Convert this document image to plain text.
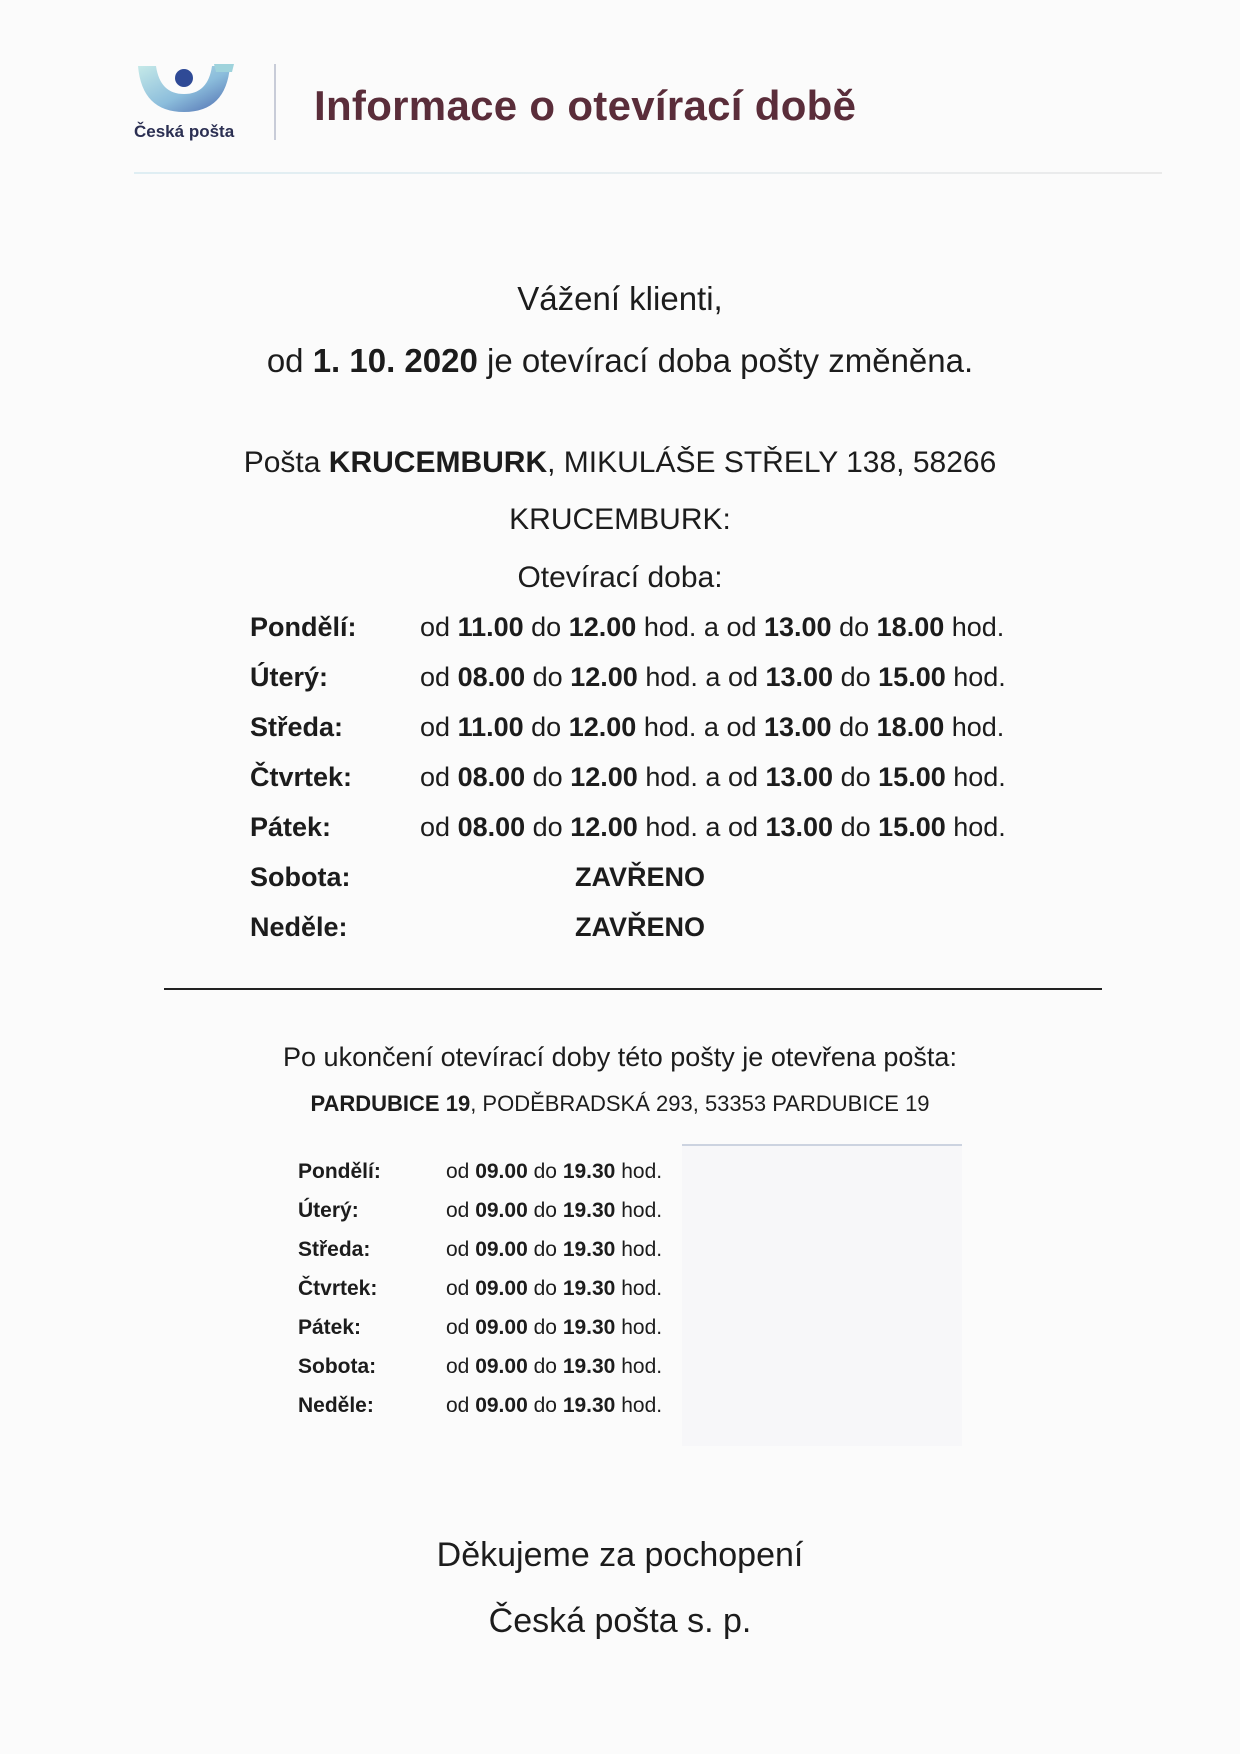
Česká pošta
Informace o otevírací době
Vážení klienti,
od 1. 10. 2020 je otevírací doba pošty změněna.
Pošta KRUCEMBURK, MIKULÁŠE STŘELY 138, 58266
KRUCEMBURK:
Otevírací doba:
Pondělí: od 11.00 do 12.00 hod. a od 13.00 do 18.00 hod.
Úterý:	od 08.00 do 12.00 hod. a od 13.00 do 15.00 hod.
Středa:	od 11.00 do 12.00 hod. a od 13.00 do 18.00 hod.
Čtvrtek:	od 08.00 do 12.00 hod. a od 13.00 do 15.00 hod.
Pátek:	od 08.00 do 12.00 hod. a od 13.00 do 15.00 hod.
Sobota:	ZAVŘENO
Neděle:	ZAVŘENO
Po ukončení otevírací doby této pošty je otevřena pošta:
PARDUBICE 19, PODĚBRADSKÁ 293, 53353 PARDUBICE 19
Pondělí:	od 09.00 do 19.30 hod.
Úterý:	od 09.00 do 19.30 hod.
Středa:	od 09.00 do 19.30 hod.
Čtvrtek:	od 09.00 do 19.30 hod.
Pátek:	od 09.00 do 19.30 hod.
Sobota:	od 09.00 do 19.30 hod.
Neděle:	od 09.00 do 19.30 hod.
Děkujeme za pochopení
Česká pošta s. p.
